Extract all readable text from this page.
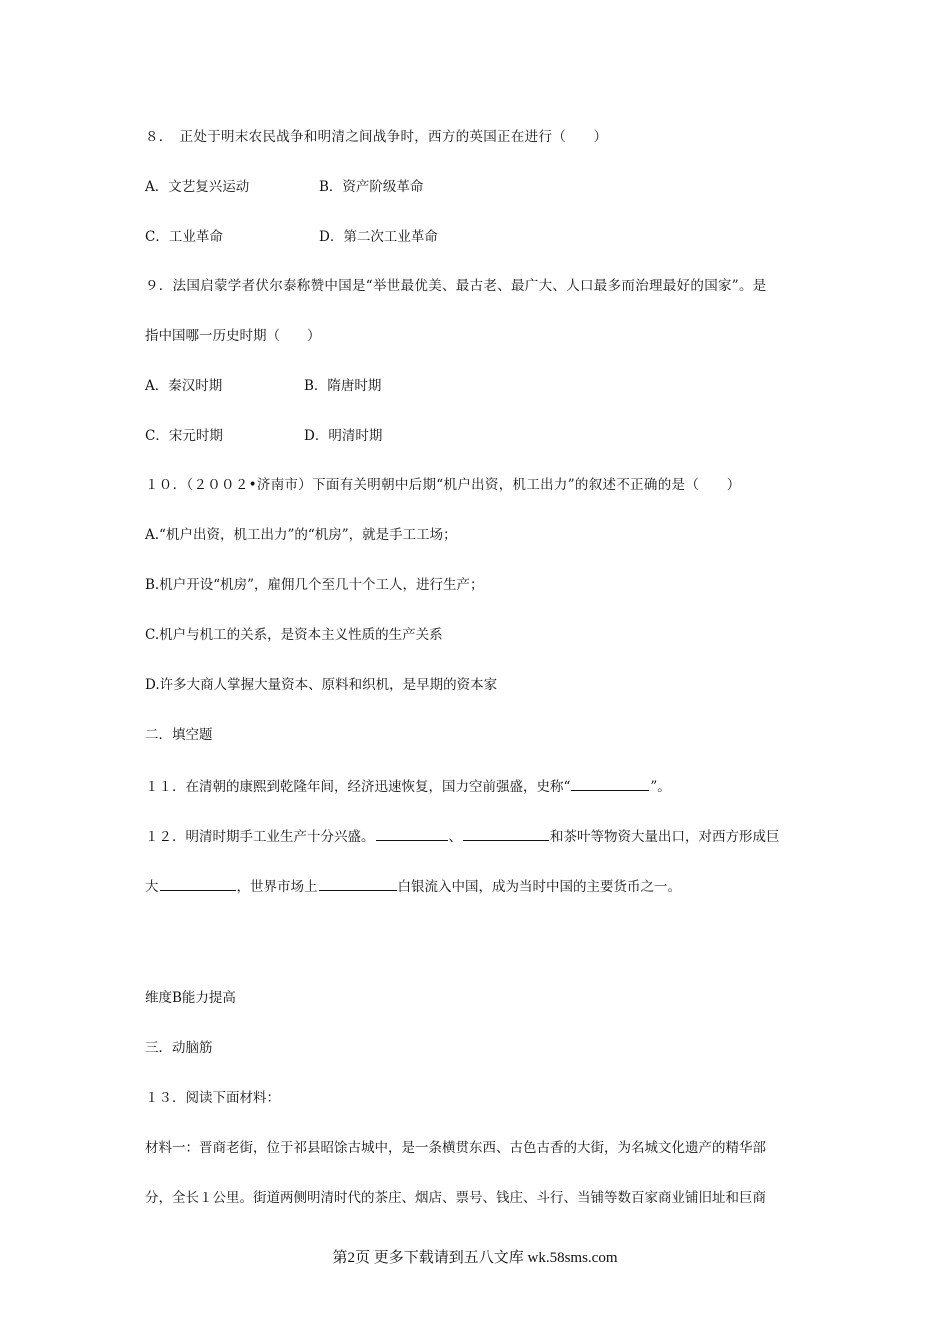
８．　正处于明末农民战争和明清之间战争时，西方的英国正在进行（　　）
A．文艺复兴运动	B．资产阶级革命
C．工业革命	D．第二次工业革命
９．法国启蒙学者伏尔泰称赞中国是“举世最优美、最古老、最广大、人口最多而治理最好的国家”。是
指中国哪一历史时期（　　）
A．秦汉时期	B．隋唐时期
C．宋元时期	D．明清时期
１０．（２００２•济南市）下面有关明朝中后期“机户出资，机工出力”的叙述不正确的是（　　）
A.“机户出资，机工出力”的“机房”，就是手工工场；
B.机户开设“机房”，雇佣几个至几十个工人，进行生产；
C.机户与机工的关系，是资本主义性质的生产关系
D.许多大商人掌握大量资本、原料和织机，是早期的资本家
二．填空题
１１．在清朝的康熙到乾隆年间，经济迅速恢复，国力空前强盛，史称“	”。
１２．明清时期手工业生产十分兴盛。	、	和茶叶等物资大量出口，对西方形成巨
大	，世界市场上	白银流入中国，成为当时中国的主要货币之一。
维度B能力提高
三．动脑筋
１３．阅读下面材料：
材料一：晋商老街，位于祁县昭馀古城中，是一条横贯东西、古色古香的大街，为名城文化遗产的精华部
分，全长１公里。街道两侧明清时代的茶庄、烟店、票号、钱庄、斗行、当铺等数百家商业铺旧址和巨商
第2页 更多下载请到五八文库 wk.58sms.com
